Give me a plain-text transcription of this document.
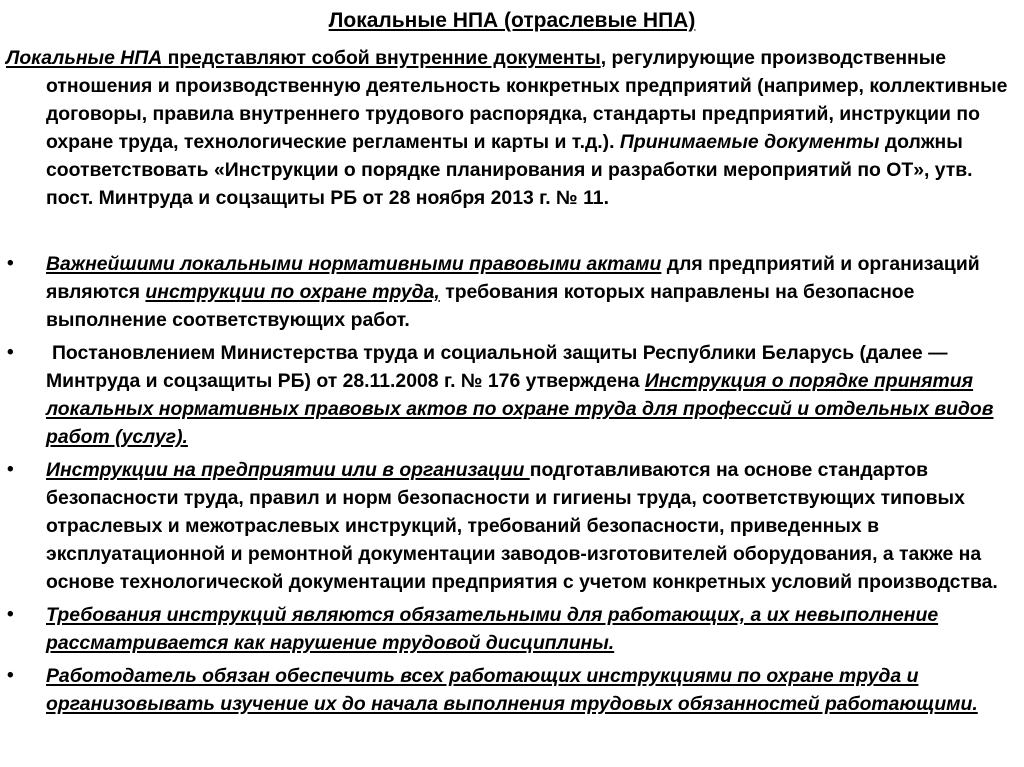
Локальные НПА (отраслевые НПА)
Локальные НПА представляют собой внутренние документы, регулирующие производственные отношения и производственную деятельность конкретных предприятий (например, коллективные договоры, правила внутреннего трудового распорядка, стандарты предприятий, инструкции по охране труда, технологические регламенты и карты и т.д.). Принимаемые документы должны соответствовать «Инструкции о порядке планирования и разработки мероприятий по ОТ», утв. пост. Минтруда и соцзащиты РБ от 28 ноября 2013 г. № 11.
• Важнейшими локальными нормативными правовыми актами для предприятий и организаций являются инструкции по охране труда, требования которых направлены на безопасное выполнение соответствующих работ.
• Постановлением Министерства труда и социальной защиты Республики Беларусь (далее — Минтруда и соцзащиты РБ) от 28.11.2008 г. № 176 утверждена Инструкция о порядке принятия локальных нормативных правовых актов по охране труда для профессий и отдельных видов работ (услуг).
• Инструкции на предприятии или в организации подготавливаются на основе стандартов безопасности труда, правил и норм безопасности и гигиены труда, соответствующих типовых отраслевых и межотраслевых инструкций, требований безопасности, приведенных в эксплуатационной и ремонтной документации заводов-изготовителей оборудования, а также на основе технологической документации предприятия с учетом конкретных условий производства.
• Требования инструкций являются обязательными для работающих, а их невыполнение рассматривается как нарушение трудовой дисциплины.
• Работодатель обязан обеспечить всех работающих инструкциями по охране труда и организовывать изучение их до начала выполнения трудовых обязанностей работающими.
